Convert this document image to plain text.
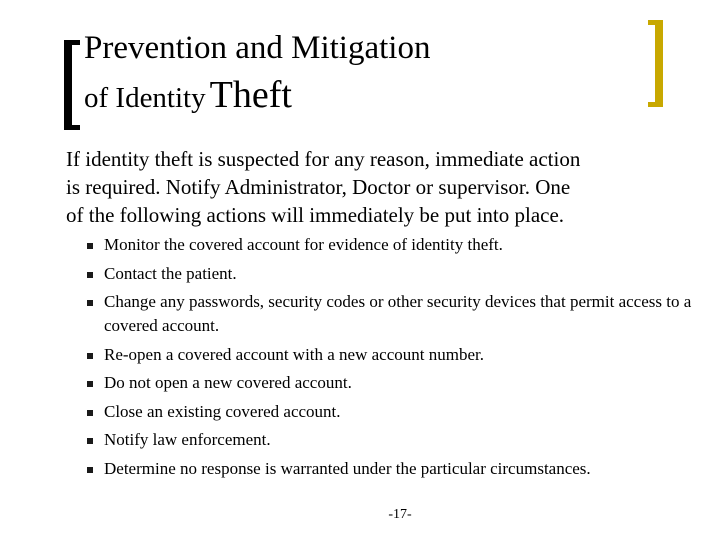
Prevention and Mitigation
of Identity Theft
If identity theft is suspected for any reason, immediate action
is required. Notify Administrator, Doctor or supervisor. One
of the following actions will immediately be put into place.
Monitor the covered account for evidence of identity theft.
Contact the patient.
Change any passwords, security codes or other security devices that permit access to a covered account.
Re-open a covered account with a new account number.
Do not open a new covered account.
Close an existing covered account.
Notify law enforcement.
Determine no response is warranted under the particular circumstances.
-17-
